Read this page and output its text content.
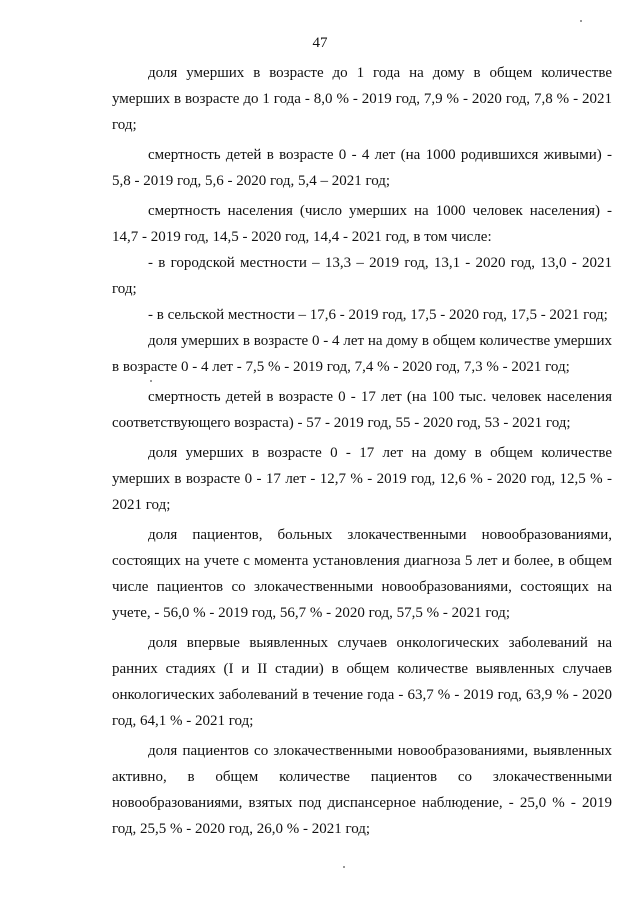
47

доля умерших в возрасте до 1 года на дому в общем количестве умерших в возрасте до 1 года - 8,0 % - 2019 год, 7,9 % - 2020 год, 7,8 % - 2021 год;

смертность детей в возрасте 0 - 4 лет (на 1000 родившихся живыми) - 5,8 - 2019 год, 5,6 - 2020 год, 5,4 – 2021 год;

смертность населения (число умерших на 1000 человек населения) - 14,7 - 2019 год, 14,5 - 2020 год, 14,4 - 2021 год, в том числе:

- в городской местности – 13,3 – 2019 год, 13,1 - 2020 год, 13,0 - 2021 год;

- в сельской местности – 17,6 - 2019 год, 17,5 - 2020 год, 17,5 - 2021 год;

доля умерших в возрасте 0 - 4 лет на дому в общем количестве умерших в возрасте 0 - 4 лет - 7,5 % - 2019 год, 7,4 % - 2020 год, 7,3 % - 2021 год;

смертность детей в возрасте 0 - 17 лет (на 100 тыс. человек населения соответствующего возраста) - 57 - 2019 год, 55 - 2020 год, 53 - 2021 год;

доля умерших в возрасте 0 - 17 лет на дому в общем количестве умерших в возрасте 0 - 17 лет - 12,7 % - 2019 год, 12,6 % - 2020 год, 12,5 % - 2021 год;

доля пациентов, больных злокачественными новообразованиями, состоящих на учете с момента установления диагноза 5 лет и более, в общем числе пациентов со злокачественными новообразованиями, состоящих на учете, - 56,0 % - 2019 год, 56,7 % - 2020 год, 57,5 % - 2021 год;

доля впервые выявленных случаев онкологических заболеваний на ранних стадиях (I и II стадии) в общем количестве выявленных случаев онкологических заболеваний в течение года - 63,7 % - 2019 год, 63,9 % - 2020 год, 64,1 % - 2021 год;

доля пациентов со злокачественными новообразованиями, выявленных активно, в общем количестве пациентов со злокачественными новообразованиями, взятых под диспансерное наблюдение, - 25,0 % - 2019 год, 25,5 % - 2020 год, 26,0 % - 2021 год;
